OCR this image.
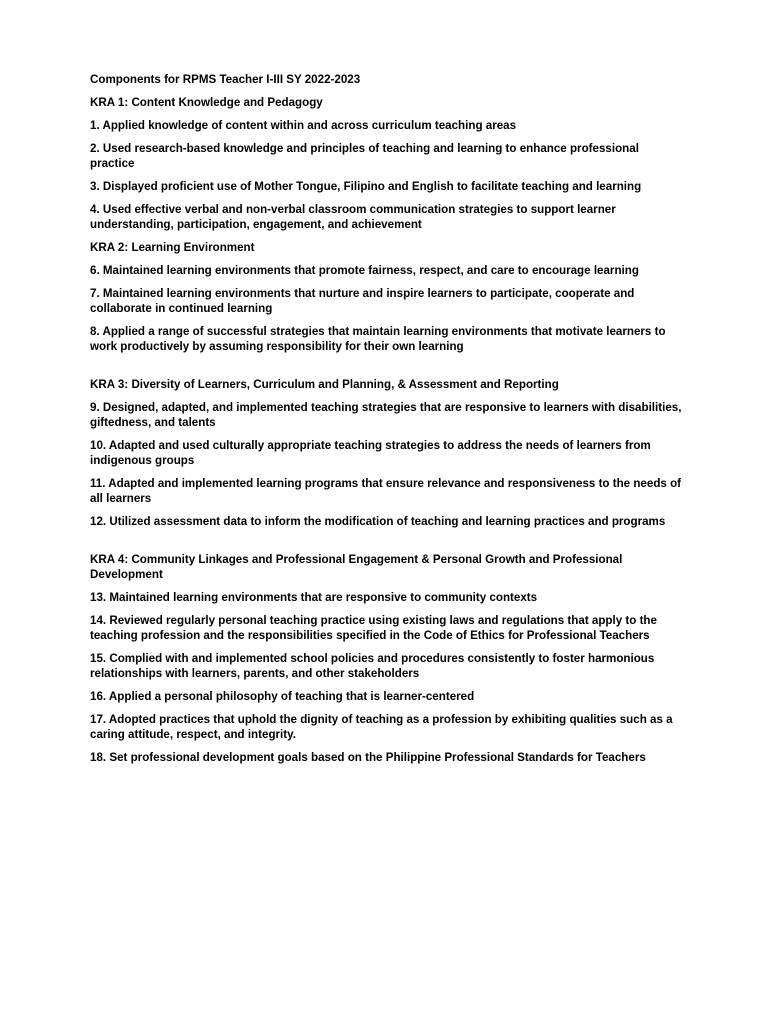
Components for RPMS Teacher I-III SY 2022-2023

KRA 1: Content Knowledge and Pedagogy

1. Applied knowledge of content within and across curriculum teaching areas

2. Used research-based knowledge and principles of teaching and learning to enhance professional practice

3. Displayed proficient use of Mother Tongue, Filipino and English to facilitate teaching and learning

4. Used effective verbal and non-verbal classroom communication strategies to support learner understanding, participation, engagement, and achievement

KRA 2: Learning Environment

6. Maintained learning environments that promote fairness, respect, and care to encourage learning

7. Maintained learning environments that nurture and inspire learners to participate, cooperate and collaborate in continued learning

8. Applied a range of successful strategies that maintain learning environments that motivate learners to work productively by assuming responsibility for their own learning

KRA 3: Diversity of Learners, Curriculum and Planning, & Assessment and Reporting

9. Designed, adapted, and implemented teaching strategies that are responsive to learners with disabilities, giftedness, and talents

10. Adapted and used culturally appropriate teaching strategies to address the needs of learners from indigenous groups

11. Adapted and implemented learning programs that ensure relevance and responsiveness to the needs of all learners

12. Utilized assessment data to inform the modification of teaching and learning practices and programs

KRA 4: Community Linkages and Professional Engagement & Personal Growth and Professional Development

13. Maintained learning environments that are responsive to community contexts

14. Reviewed regularly personal teaching practice using existing laws and regulations that apply to the teaching profession and the responsibilities specified in the Code of Ethics for Professional Teachers

15. Complied with and implemented school policies and procedures consistently to foster harmonious relationships with learners, parents, and other stakeholders

16. Applied a personal philosophy of teaching that is learner-centered

17. Adopted practices that uphold the dignity of teaching as a profession by exhibiting qualities such as a caring attitude, respect, and integrity.

18. Set professional development goals based on the Philippine Professional Standards for Teachers
